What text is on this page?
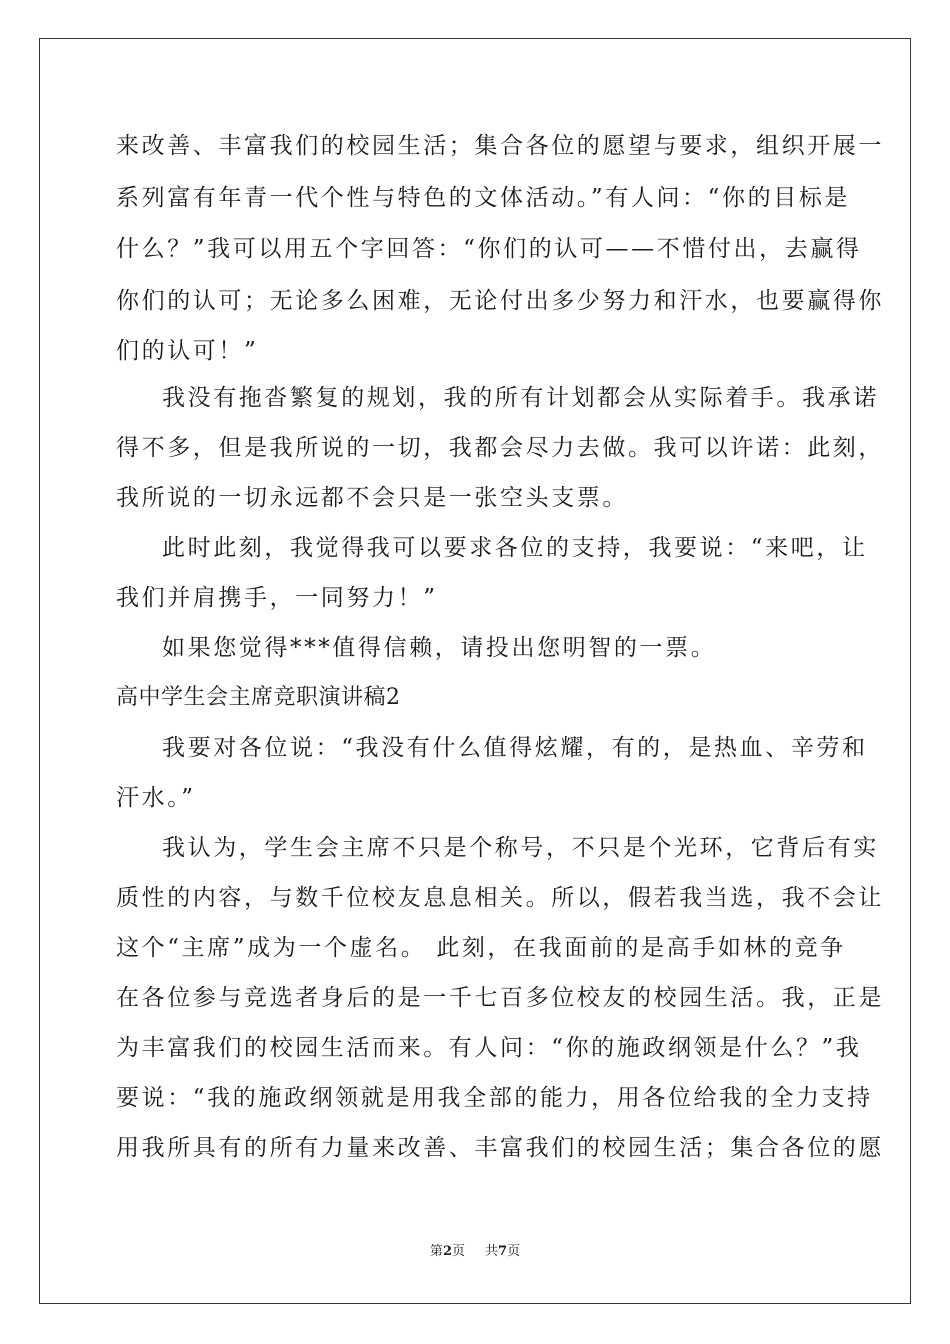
来改善、丰富我们的校园生活；集合各位的愿望与要求，组织开展一
系列富有年青一代个性与特色的文体活动。”有人问：“你的目标是
什么？”我可以用五个字回答：“你们的认可——不惜付出，去赢得
你们的认可；无论多么困难，无论付出多少努力和汗水，也要赢得你
们的认可！”
我没有拖沓繁复的规划，我的所有计划都会从实际着手。我承诺
得不多，但是我所说的一切，我都会尽力去做。我可以许诺：此刻，
我所说的一切永远都不会只是一张空头支票。
此时此刻，我觉得我可以要求各位的支持，我要说：“来吧，让
我们并肩携手，一同努力！”
如果您觉得***值得信赖，请投出您明智的一票。
高中学生会主席竞职演讲稿2
我要对各位说：“我没有什么值得炫耀，有的，是热血、辛劳和
汗水。”
我认为，学生会主席不只是个称号，不只是个光环，它背后有实
质性的内容，与数千位校友息息相关。所以，假若我当选，我不会让
这个“主席”成为一个虚名。 此刻，在我面前的是高手如林的竞争
在各位参与竞选者身后的是一千七百多位校友的校园生活。我，正是
为丰富我们的校园生活而来。有人问：“你的施政纲领是什么？”我
要说：“我的施政纲领就是用我全部的能力，用各位给我的全力支持
用我所具有的所有力量来改善、丰富我们的校园生活；集合各位的愿
第2页 共7页
